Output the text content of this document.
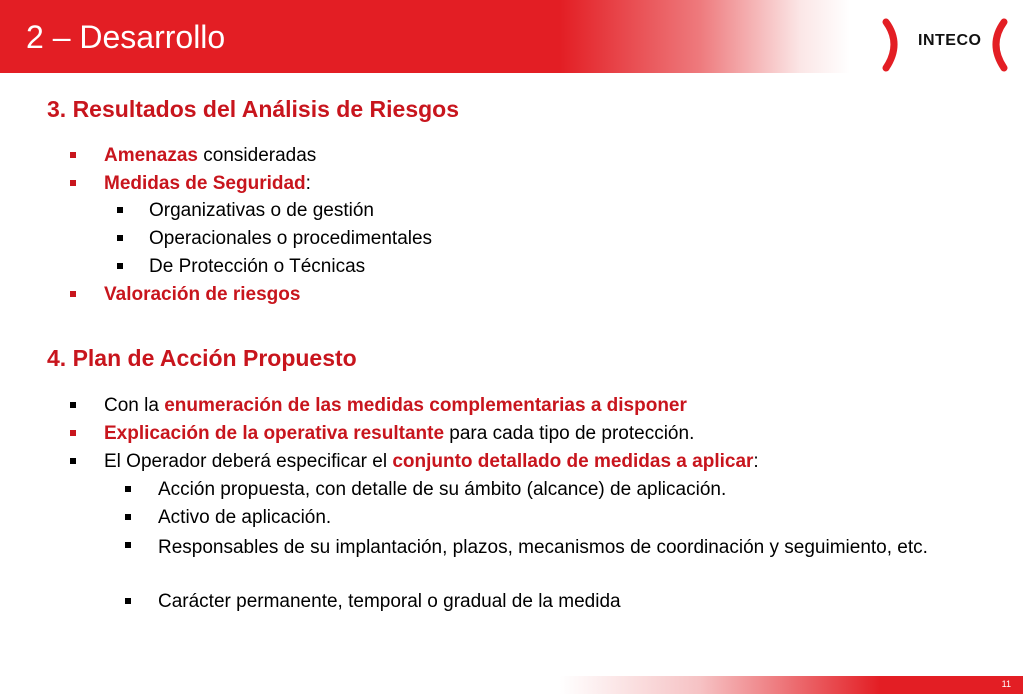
2 – Desarrollo	INTECO
3. Resultados del Análisis de Riesgos
Amenazas consideradas
Medidas de Seguridad:
Organizativas o de gestión
Operacionales o procedimentales
De Protección o Técnicas
Valoración de riesgos
4. Plan de Acción Propuesto
Con la enumeración de las medidas complementarias a disponer
Explicación de la operativa resultante para cada tipo de protección.
El Operador deberá especificar el conjunto detallado de medidas a aplicar:
Acción propuesta, con detalle de su ámbito (alcance) de aplicación.
Activo de aplicación.
Responsables de su implantación, plazos, mecanismos de coordinación y seguimiento, etc.
Carácter permanente, temporal o gradual de la medida
11
